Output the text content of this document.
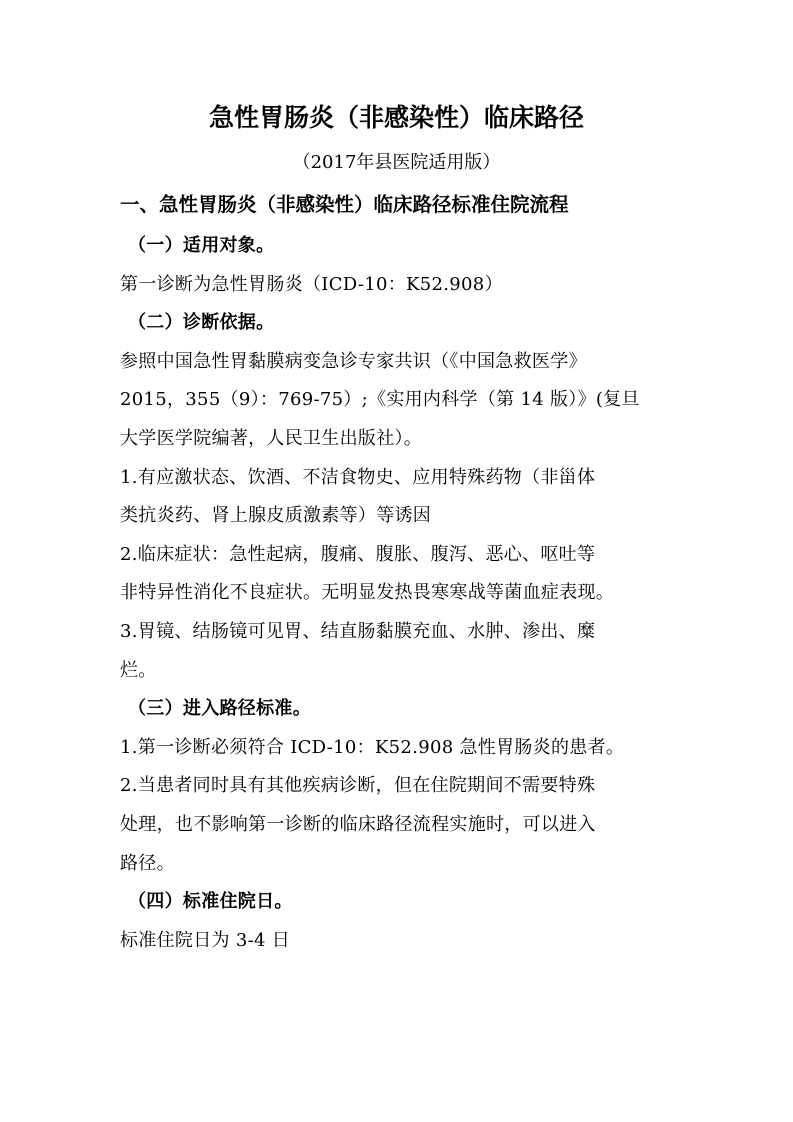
急性胃肠炎（非感染性）临床路径
（2017年县医院适用版）
一、急性胃肠炎（非感染性）临床路径标准住院流程

（一）适用对象。

第一诊断为急性胃肠炎（ICD-10：K52.908）

（二）诊断依据。

参照中国急性胃黏膜病变急诊专家共识（《中国急救医学》

2015，355（9）：769-75）;《实用内科学（第 14 版）》(复旦

大学医学院编著，人民卫生出版社）。

1.有应激状态、饮酒、不洁食物史、应用特殊药物（非甾体

类抗炎药、肾上腺皮质激素等）等诱因

2.临床症状：急性起病，腹痛、腹胀、腹泻、恶心、呕吐等

非特异性消化不良症状。无明显发热畏寒寒战等菌血症表现。

3.胃镜、结肠镜可见胃、结直肠黏膜充血、水肿、渗出、糜

烂。

（三）进入路径标准。

1.第一诊断必须符合 ICD-10：K52.908 急性胃肠炎的患者。

2.当患者同时具有其他疾病诊断，但在住院期间不需要特殊

处理，也不影响第一诊断的临床路径流程实施时，可以进入

路径。

（四）标准住院日。

标准住院日为 3-4 日
